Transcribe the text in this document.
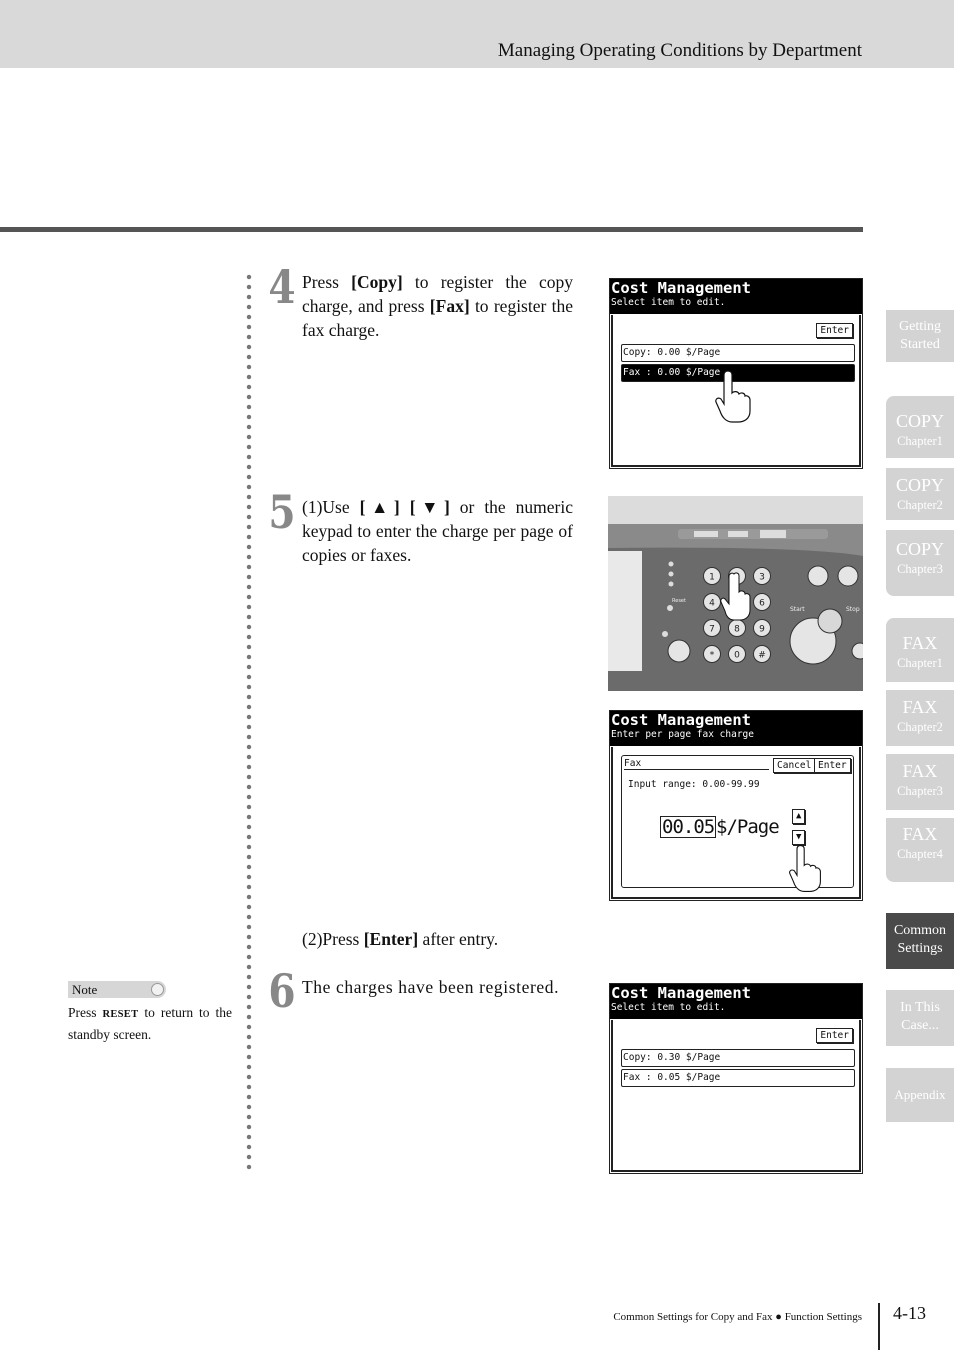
Managing Operating Conditions by Department
4 Press [Copy] to register the copy charge, and press [Fax] to register the fax charge.
Cost Management
Select item to edit.
Enter
Copy: 0.00 $/Page
Fax : 0.00 $/Page
5 (1)Use [▲] [▼] or the numeric keypad to enter the charge per page of copies or faxes.
(2)Press [Enter] after entry.
1	3
4	6
7 8 9
* 0 #
Reset
Start	Stop
Cost Management
Enter per page fax charge
Fax	Cancel Enter
Input range: 0.00-99.99
00.05 $/Page	▲
▼
6 The charges have been registered.	Cost Management
Select item to edit.
Enter
Copy: 0.30 $/Page
Fax : 0.05 $/Page
Note
Press RESET to return to the standby screen.
Getting
Started
COPY
Chapter1
COPY
Chapter2
COPY
Chapter3
FAX
Chapter1
FAX
Chapter2
FAX
Chapter3
FAX
Chapter4
Common
Settings
In This
Case...
Appendix
Common Settings for Copy and Fax ● Function Settings 4-13
